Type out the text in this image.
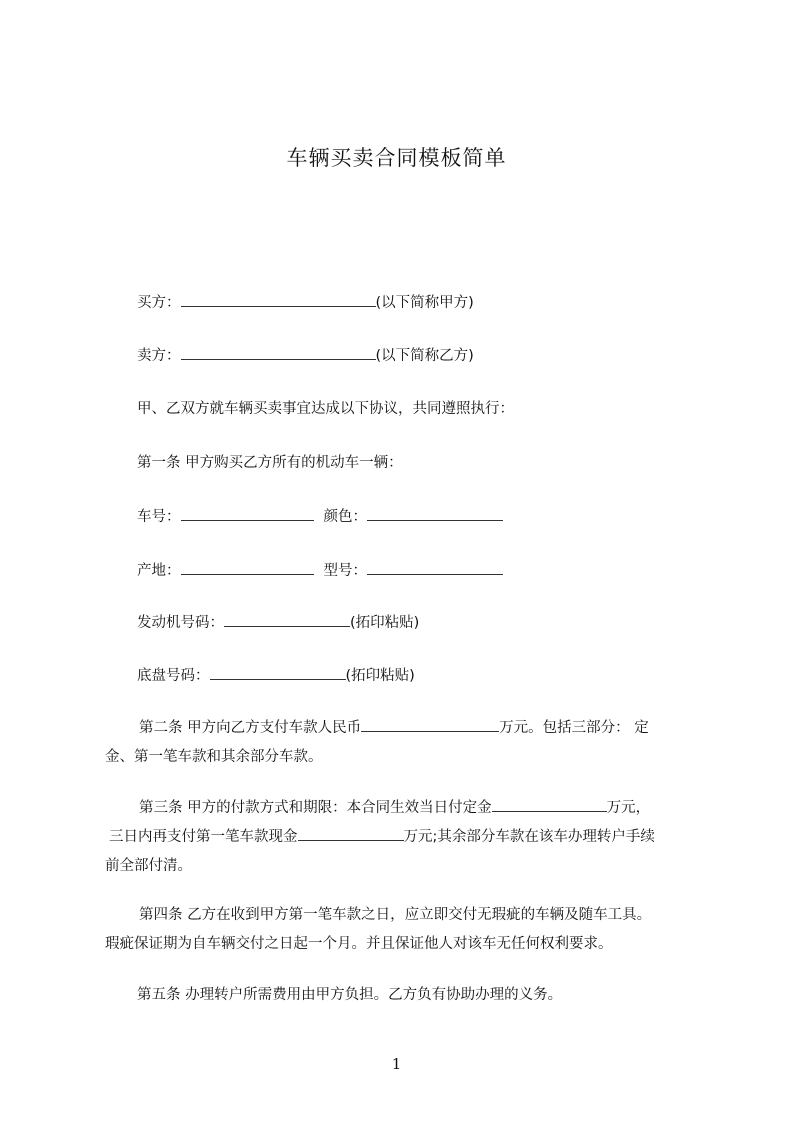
车辆买卖合同模板简单
买方：	(以下简称甲方)
卖方：	(以下简称乙方)
甲、乙双方就车辆买卖事宜达成以下协议，共同遵照执行：
第一条 甲方购买乙方所有的机动车一辆：
车号：	颜色：
产地：	型号：
发动机号码：	(拓印粘贴)
底盘号码：	(拓印粘贴)
第二条 甲方向乙方支付车款人民币	万元。包括三部分： 定
金、第一笔车款和其余部分车款。
第三条 甲方的付款方式和期限：本合同生效当日付定金	万元，
三日内再支付第一笔车款现金	万元;其余部分车款在该车办理转户手续
前全部付清。
第四条 乙方在收到甲方第一笔车款之日，应立即交付无瑕疵的车辆及随车工具。
瑕疵保证期为自车辆交付之日起一个月。并且保证他人对该车无任何权利要求。
第五条 办理转户所需费用由甲方负担。乙方负有协助办理的义务。
1
